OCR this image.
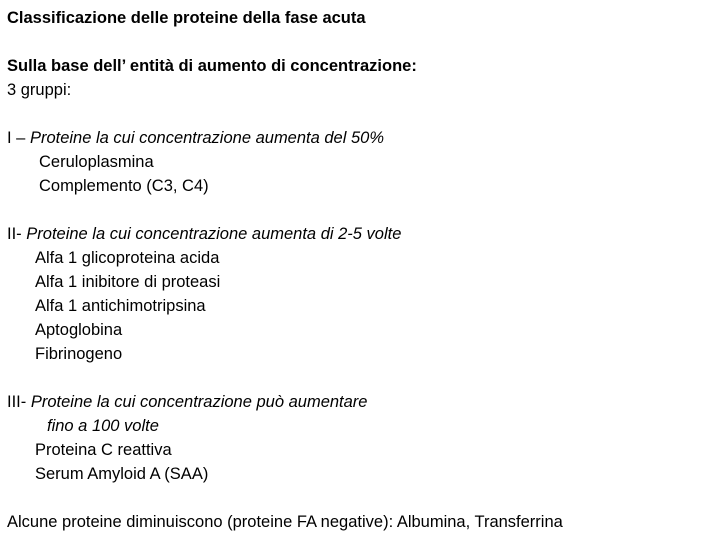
Classificazione delle proteine della fase acuta
Sulla base dell’ entità di aumento di concentrazione:
3 gruppi:
I – Proteine la cui concentrazione aumenta del 50%
Ceruloplasmina
Complemento (C3, C4)
II- Proteine la cui concentrazione aumenta di 2-5 volte
Alfa 1 glicoproteina acida
Alfa 1 inibitore di proteasi
Alfa 1 antichimotripsina
Aptoglobina
Fibrinogeno
III- Proteine la cui concentrazione può aumentare
fino a 100 volte
Proteina C reattiva
Serum Amyloid A (SAA)
Alcune proteine diminuiscono (proteine FA negative): Albumina, Transferrina
